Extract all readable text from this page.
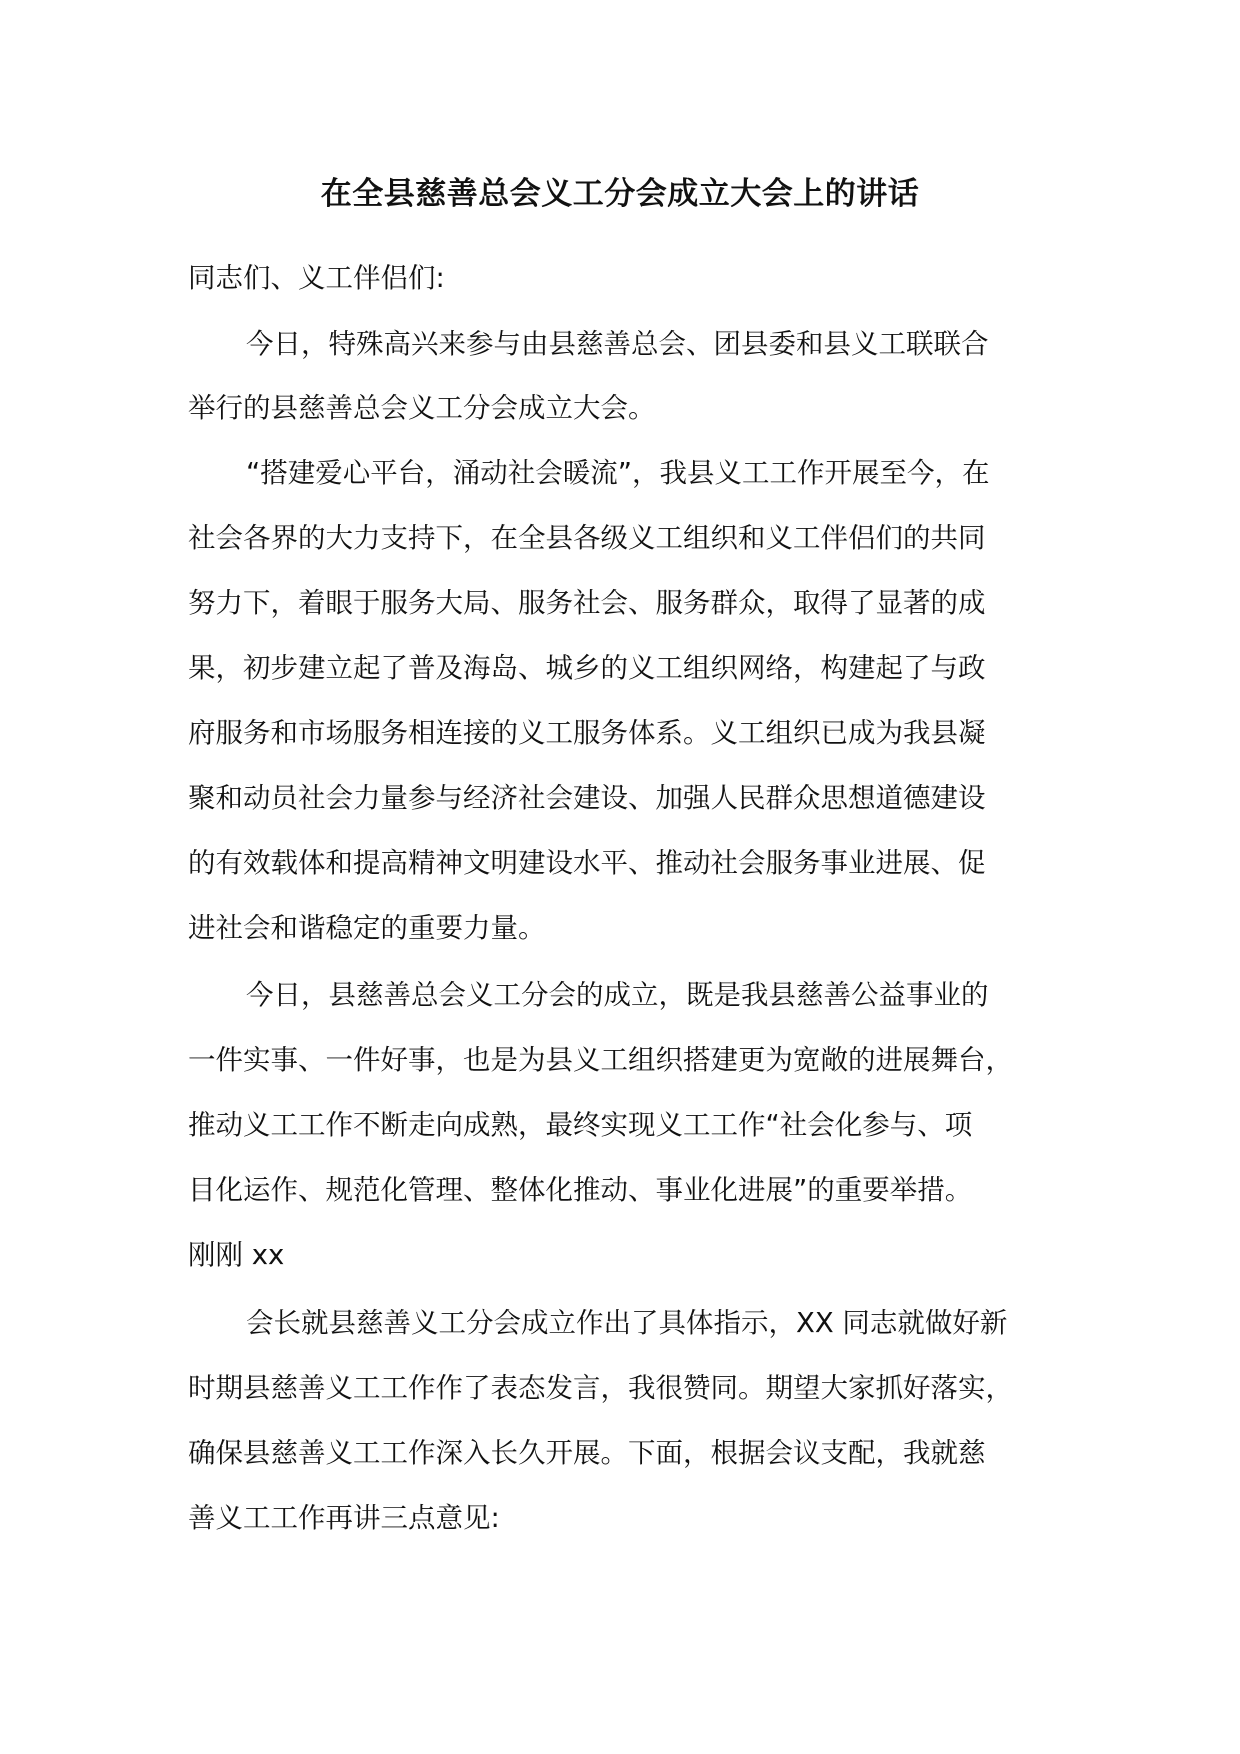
在全县慈善总会义工分会成立大会上的讲话
同志们、义工伴侣们:
今日，特殊高兴来参与由县慈善总会、团县委和县义工联联合
举行的县慈善总会义工分会成立大会。
“搭建爱心平台，涌动社会暖流”，我县义工工作开展至今，在
社会各界的大力支持下，在全县各级义工组织和义工伴侣们的共同
努力下，着眼于服务大局、服务社会、服务群众，取得了显著的成
果，初步建立起了普及海岛、城乡的义工组织网络，构建起了与政
府服务和市场服务相连接的义工服务体系。义工组织已成为我县凝
聚和动员社会力量参与经济社会建设、加强人民群众思想道德建设
的有效载体和提高精神文明建设水平、推动社会服务事业进展、促
进社会和谐稳定的重要力量。
今日，县慈善总会义工分会的成立，既是我县慈善公益事业的
一件实事、一件好事，也是为县义工组织搭建更为宽敞的进展舞台，
推动义工工作不断走向成熟，最终实现义工工作“社会化参与、项
目化运作、规范化管理、整体化推动、事业化进展”的重要举措。
刚刚 xx
会长就县慈善义工分会成立作出了具体指示，XX 同志就做好新
时期县慈善义工工作作了表态发言，我很赞同。期望大家抓好落实，
确保县慈善义工工作深入长久开展。下面，根据会议支配，我就慈
善义工工作再讲三点意见:
